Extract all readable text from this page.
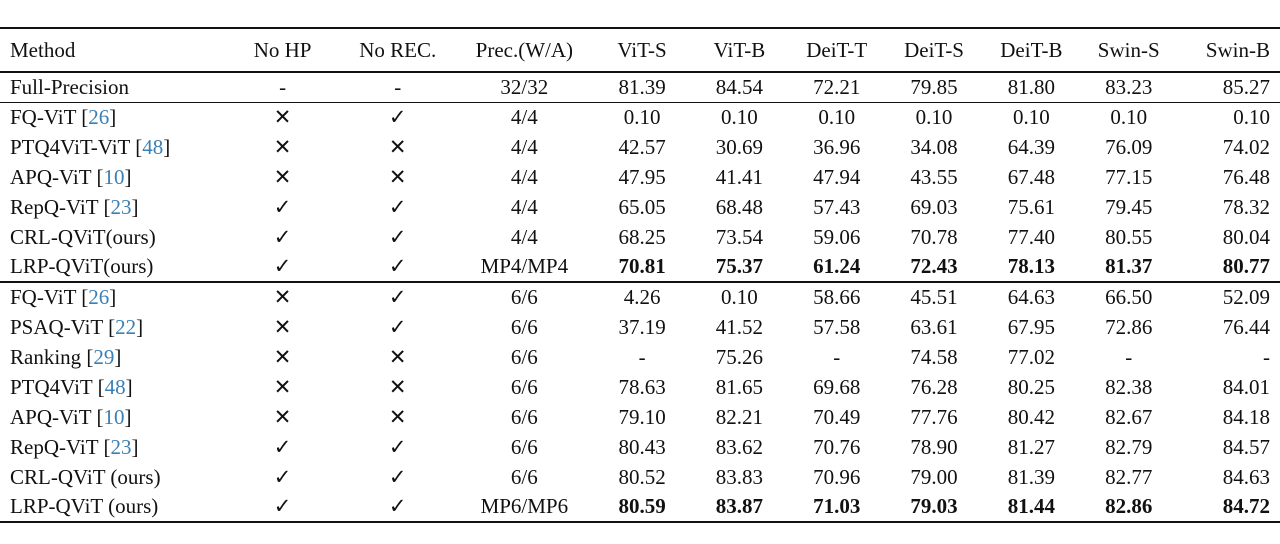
Method	No HP	No REC.	Prec.(W/A)	ViT-S	ViT-B	DeiT-T	DeiT-S	DeiT-B	Swin-S	Swin-B
Full-Precision	-	-	32/32	81.39	84.54	72.21	79.85	81.80	83.23	85.27
FQ-ViT [26]	✕	✓	4/4	0.10	0.10	0.10	0.10	0.10	0.10	0.10
PTQ4ViT-ViT [48]	✕	✕	4/4	42.57	30.69	36.96	34.08	64.39	76.09	74.02
APQ-ViT [10]	✕	✕	4/4	47.95	41.41	47.94	43.55	67.48	77.15	76.48
RepQ-ViT [23]	✓	✓	4/4	65.05	68.48	57.43	69.03	75.61	79.45	78.32
CRL-QViT(ours)	✓	✓	4/4	68.25	73.54	59.06	70.78	77.40	80.55	80.04
LRP-QViT(ours)	✓	✓	MP4/MP4	70.81	75.37	61.24	72.43	78.13	81.37	80.77
FQ-ViT [26]	✕	✓	6/6	4.26	0.10	58.66	45.51	64.63	66.50	52.09
PSAQ-ViT [22]	✕	✓	6/6	37.19	41.52	57.58	63.61	67.95	72.86	76.44
Ranking [29]	✕	✕	6/6	-	75.26	-	74.58	77.02	-	-
PTQ4ViT [48]	✕	✕	6/6	78.63	81.65	69.68	76.28	80.25	82.38	84.01
APQ-ViT [10]	✕	✕	6/6	79.10	82.21	70.49	77.76	80.42	82.67	84.18
RepQ-ViT [23]	✓	✓	6/6	80.43	83.62	70.76	78.90	81.27	82.79	84.57
CRL-QViT (ours)	✓	✓	6/6	80.52	83.83	70.96	79.00	81.39	82.77	84.63
LRP-QViT (ours)	✓	✓	MP6/MP6	80.59	83.87	71.03	79.03	81.44	82.86	84.72
